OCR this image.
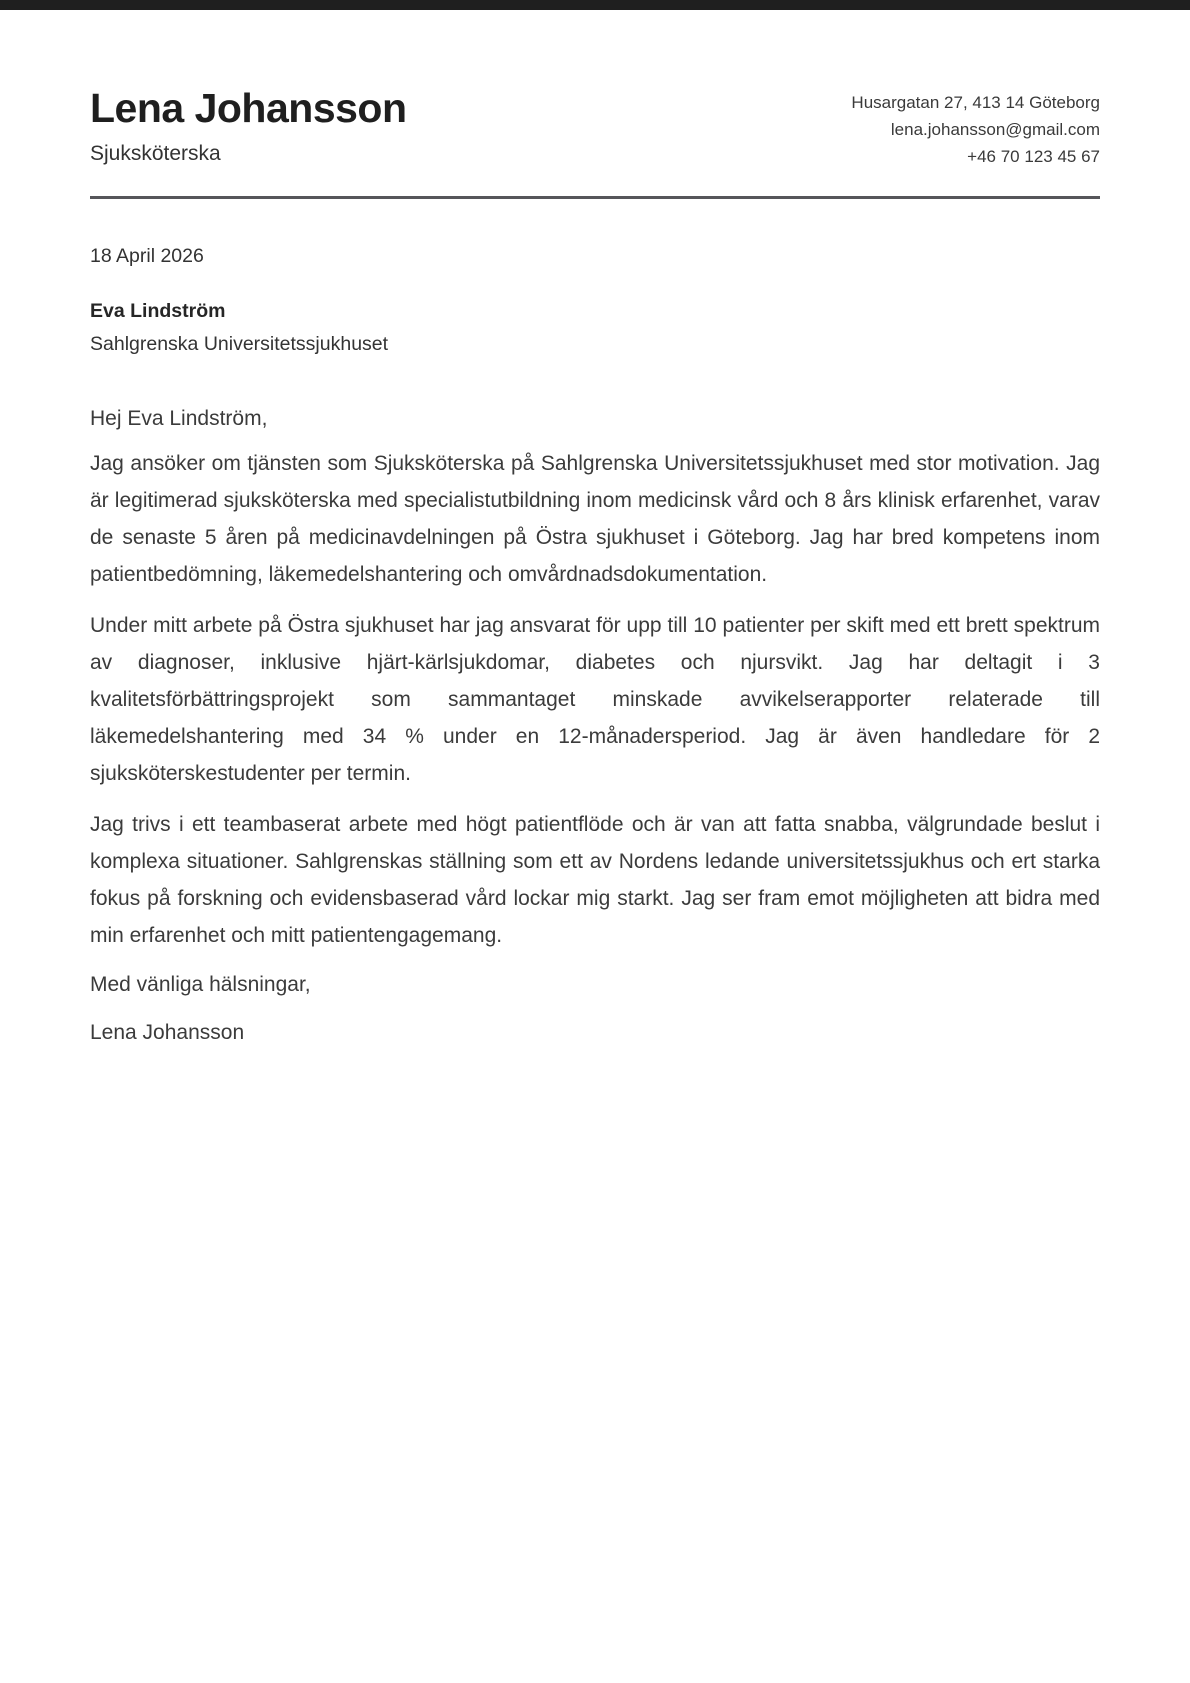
Lena Johansson
Sjuksköterska
Husargatan 27, 413 14 Göteborg
lena.johansson@gmail.com
+46 70 123 45 67
18 April 2026
Eva Lindström
Sahlgrenska Universitetssjukhuset
Hej Eva Lindström,

Jag ansöker om tjänsten som Sjuksköterska på Sahlgrenska Universitetssjukhuset med stor motivation. Jag är legitimerad sjuksköterska med specialistutbildning inom medicinsk vård och 8 års klinisk erfarenhet, varav de senaste 5 åren på medicinavdelningen på Östra sjukhuset i Göteborg. Jag har bred kompetens inom patientbedömning, läkemedelshantering och omvårdnadsdokumentation.

Under mitt arbete på Östra sjukhuset har jag ansvarat för upp till 10 patienter per skift med ett brett spektrum av diagnoser, inklusive hjärt-kärlsjukdomar, diabetes och njursvikt. Jag har deltagit i 3 kvalitetsförbättringsprojekt som sammantaget minskade avvikelserapporter relaterade till läkemedelshantering med 34 % under en 12-månadersperiod. Jag är även handledare för 2 sjuksköterskestudenter per termin.

Jag trivs i ett teambaserat arbete med högt patientflöde och är van att fatta snabba, välgrundade beslut i komplexa situationer. Sahlgrenskas ställning som ett av Nordens ledande universitetssjukhus och ert starka fokus på forskning och evidensbaserad vård lockar mig starkt. Jag ser fram emot möjligheten att bidra med min erfarenhet och mitt patientengagemang.

Med vänliga hälsningar,
Lena Johansson
